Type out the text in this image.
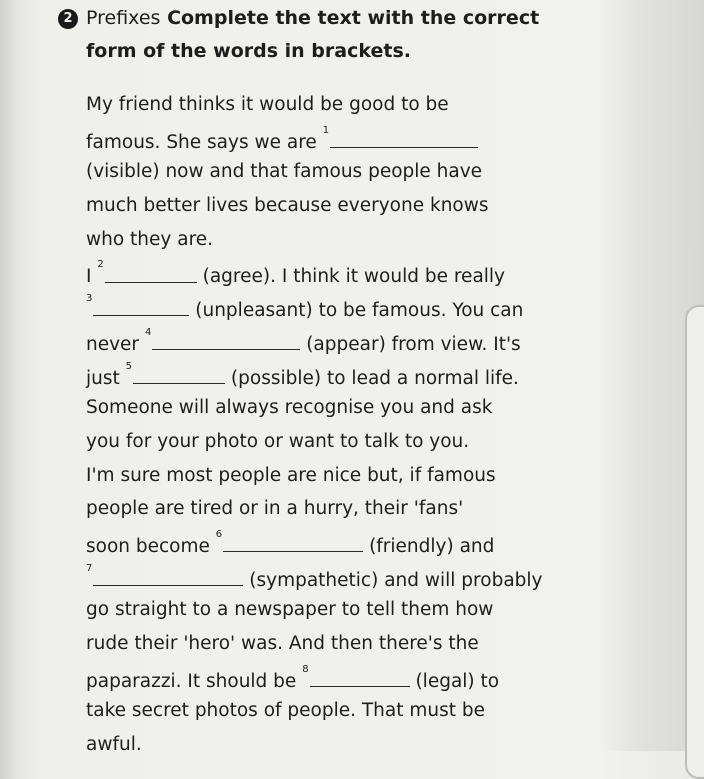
2 Prefixes Complete the text with the correct
form of the words in brackets.
My friend thinks it would be good to be
famous. She says we are $^1$
(visible) now and that famous people have
much better lives because everyone knows
who they are.
I $^2$ (agree). I think it would be really
$^3$ (unpleasant) to be famous. You can
never $^4$ (appear) from view. It's
just $^5$ (possible) to lead a normal life.
Someone will always recognise you and ask
you for your photo or want to talk to you.
I'm sure most people are nice but, if famous
people are tired or in a hurry, their 'fans'
soon become $^6$ (friendly) and
$^7$ (sympathetic) and will probably
go straight to a newspaper to tell them how
rude their 'hero' was. And then there's the
paparazzi. It should be $^8$ (legal) to
take secret photos of people. That must be
awful.
